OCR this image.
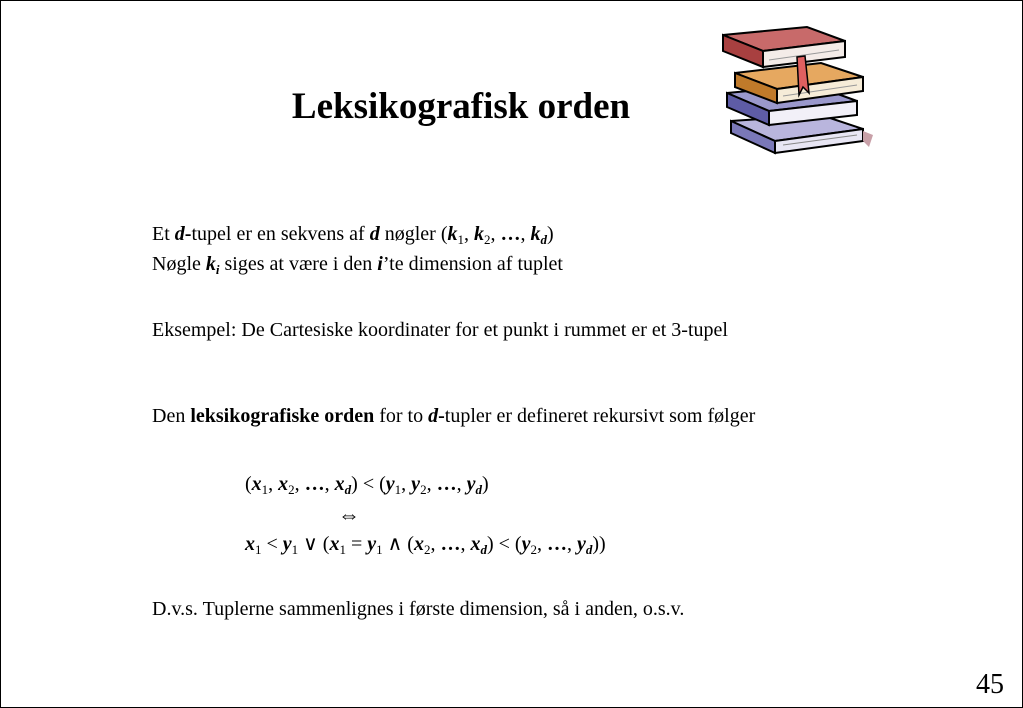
Leksikografisk orden
Et d-tupel er en sekvens af d nøgler ($k_1$, $k_2$, …, $k_d$)
Nøgle $k_i$ siges at være i den i’te dimension af tuplet
Eksempel: De Cartesiske koordinater for et punkt i rummet er et 3-tupel
Den leksikografiske orden for to d-tupler er defineret rekursivt som følger
($x_1$, $x_2$, …, $x_d) < (y_1$, $y_2$, …, $y_d$)
⇔
$x_1 < y_1$ ∨ ($x_1 = y_1$ ∧ ($x_2$, …, $x_d) < (y_2$, …, $y_d$))
D.v.s. Tuplerne sammenlignes i første dimension, så i anden, o.s.v.
45
